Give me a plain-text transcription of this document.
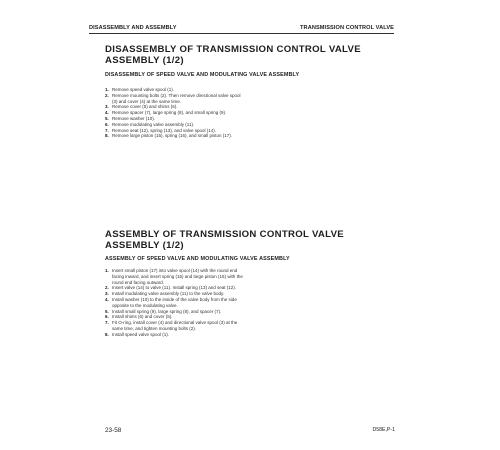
DISASSEMBLY AND ASSEMBLY	TRANSMISSION CONTROL VALVE
DISASSEMBLY OF TRANSMISSION CONTROL VALVE ASSEMBLY (1/2)
DISASSEMBLY OF SPEED VALVE AND MODULATING VALVE ASSEMBLY
1. Remove speed valve spool (1).
2. Remove mounting bolts (2). Then remove directional valve spool (3) and cover (4) at the same time.
3. Remove cover (5) and shims (6).
4. Remove spacer (7), large spring (8), and small spring (9).
5. Remove washer (10).
6. Remove modulating valve assembly (11).
7. Remove seat (12), spring (13), and valve spool (14).
8. Remove large piston (15), spring (16), and small piston (17).
ASSEMBLY OF TRANSMISSION CONTROL VALVE ASSEMBLY (1/2)
ASSEMBLY OF SPEED VALVE AND MODULATING VALVE ASSEMBLY
1. Insert small piston (17) into valve spool (14) with the round end facing inward, and insert spring (16) and large piston (15) with the round end facing outward.
2. Insert valve (14) to valve (11). Install spring (13) and seat (12).
3. Install modulating valve assembly (11) to the valve body.
4. Install washer (10) to the inside of the valve body from the side opposite to the modulating valve.
5. Install small spring (9), large spring (8), and spacer (7).
6. Install shims (6) and cover (5).
7. Fit O-ring, install cover (4) and directional valve spool (3) at the same time, and tighten mounting bolts (2).
8. Install speed valve spool (1).
23-58	D58E,P-1
